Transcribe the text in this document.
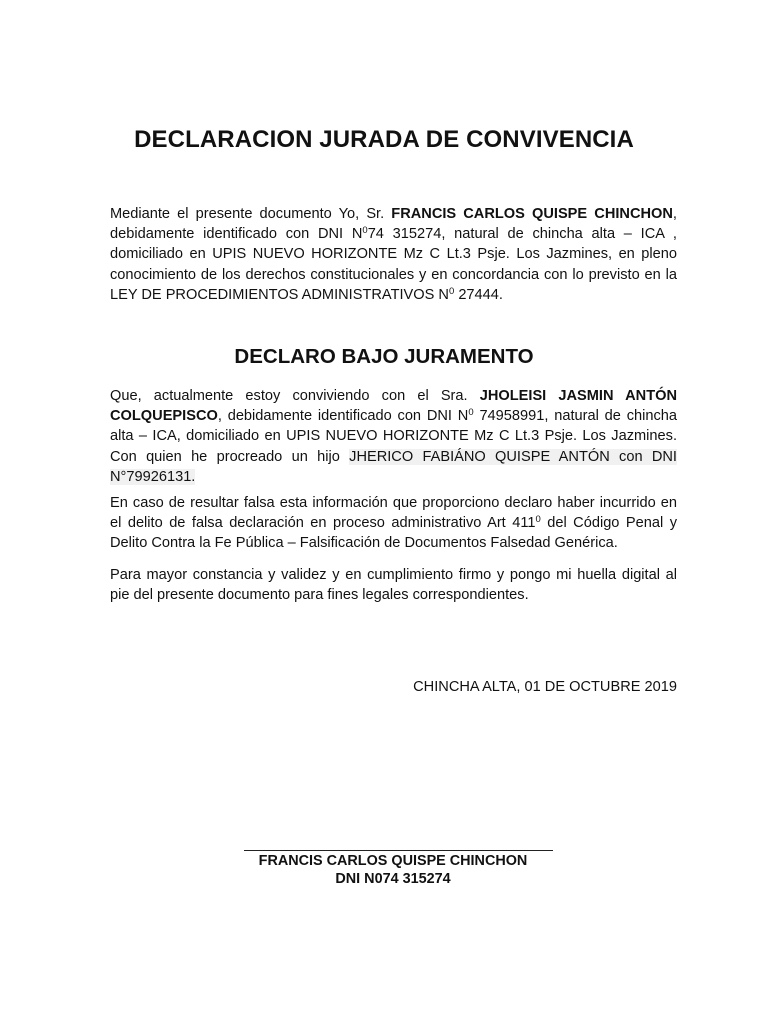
DECLARACION JURADA DE CONVIVENCIA

Mediante el presente documento Yo, Sr. FRANCIS CARLOS QUISPE CHINCHON, debidamente identificado con DNI $N^074$ 315274, natural de chincha alta – ICA , domiciliado en UPIS NUEVO HORIZONTE Mz C Lt.3 Psje. Los Jazmines, en pleno conocimiento de los derechos constitucionales y en concordancia con lo previsto en la LEY DE PROCEDIMIENTOS ADMINISTRATIVOS $N^0$ 27444.

DECLARO BAJO JURAMENTO

Que, actualmente estoy conviviendo con el Sra. JHOLEISI JASMIN ANTÓN COLQUEPISCO, debidamente identificado con DNI $N^0$ 74958991, natural de chincha alta – ICA, domiciliado en UPIS NUEVO HORIZONTE Mz C Lt.3 Psje. Los Jazmines. Con quien he procreado un hijo JHERICO FABIÁNO QUISPE ANTÓN con DNI N°79926131.

En caso de resultar falsa esta información que proporciono declaro haber incurrido en el delito de falsa declaración en proceso administrativo Art $411^0$ del Código Penal y Delito Contra la Fe Pública – Falsificación de Documentos Falsedad Genérica.

Para mayor constancia y validez y en cumplimiento firmo y pongo mi huella digital al pie del presente documento para fines legales correspondientes.

CHINCHA ALTA, 01 DE OCTUBRE 2019
FRANCIS CARLOS QUISPE CHINCHON
DNI N074 315274
